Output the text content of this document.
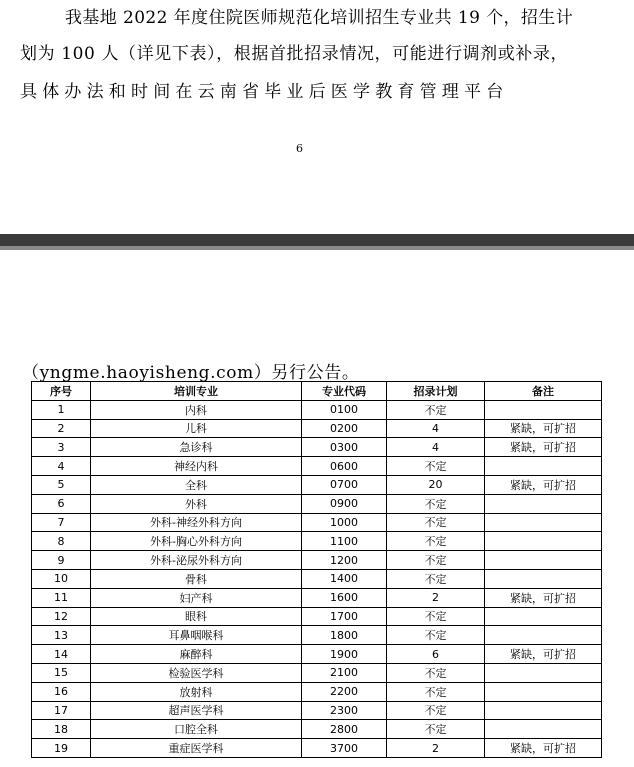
我基地 2022 年度住院医师规范化培训招生专业共 19 个，招生计
划为 100 人（详见下表），根据首批招录情况，可能进行调剂或补录，
具体办法和时间在云南省毕业后医学教育管理平台
6
（yngme.haoyisheng.com）另行公告。
序号	培训专业	专业代码	招录计划	备注
1	内科	0100	不定	
2	儿科	0200	4	紧缺，可扩招
3	急诊科	0300	4	紧缺，可扩招
4	神经内科	0600	不定	
5	全科	0700	20	紧缺，可扩招
6	外科	0900	不定	
7	外科-神经外科方向	1000	不定	
8	外科-胸心外科方向	1100	不定	
9	外科-泌尿外科方向	1200	不定	
10	骨科	1400	不定	
11	妇产科	1600	2	紧缺，可扩招
12	眼科	1700	不定	
13	耳鼻咽喉科	1800	不定	
14	麻醉科	1900	6	紧缺，可扩招
15	检验医学科	2100	不定	
16	放射科	2200	不定	
17	超声医学科	2300	不定	
18	口腔全科	2800	不定	
19	重症医学科	3700	2	紧缺，可扩招
